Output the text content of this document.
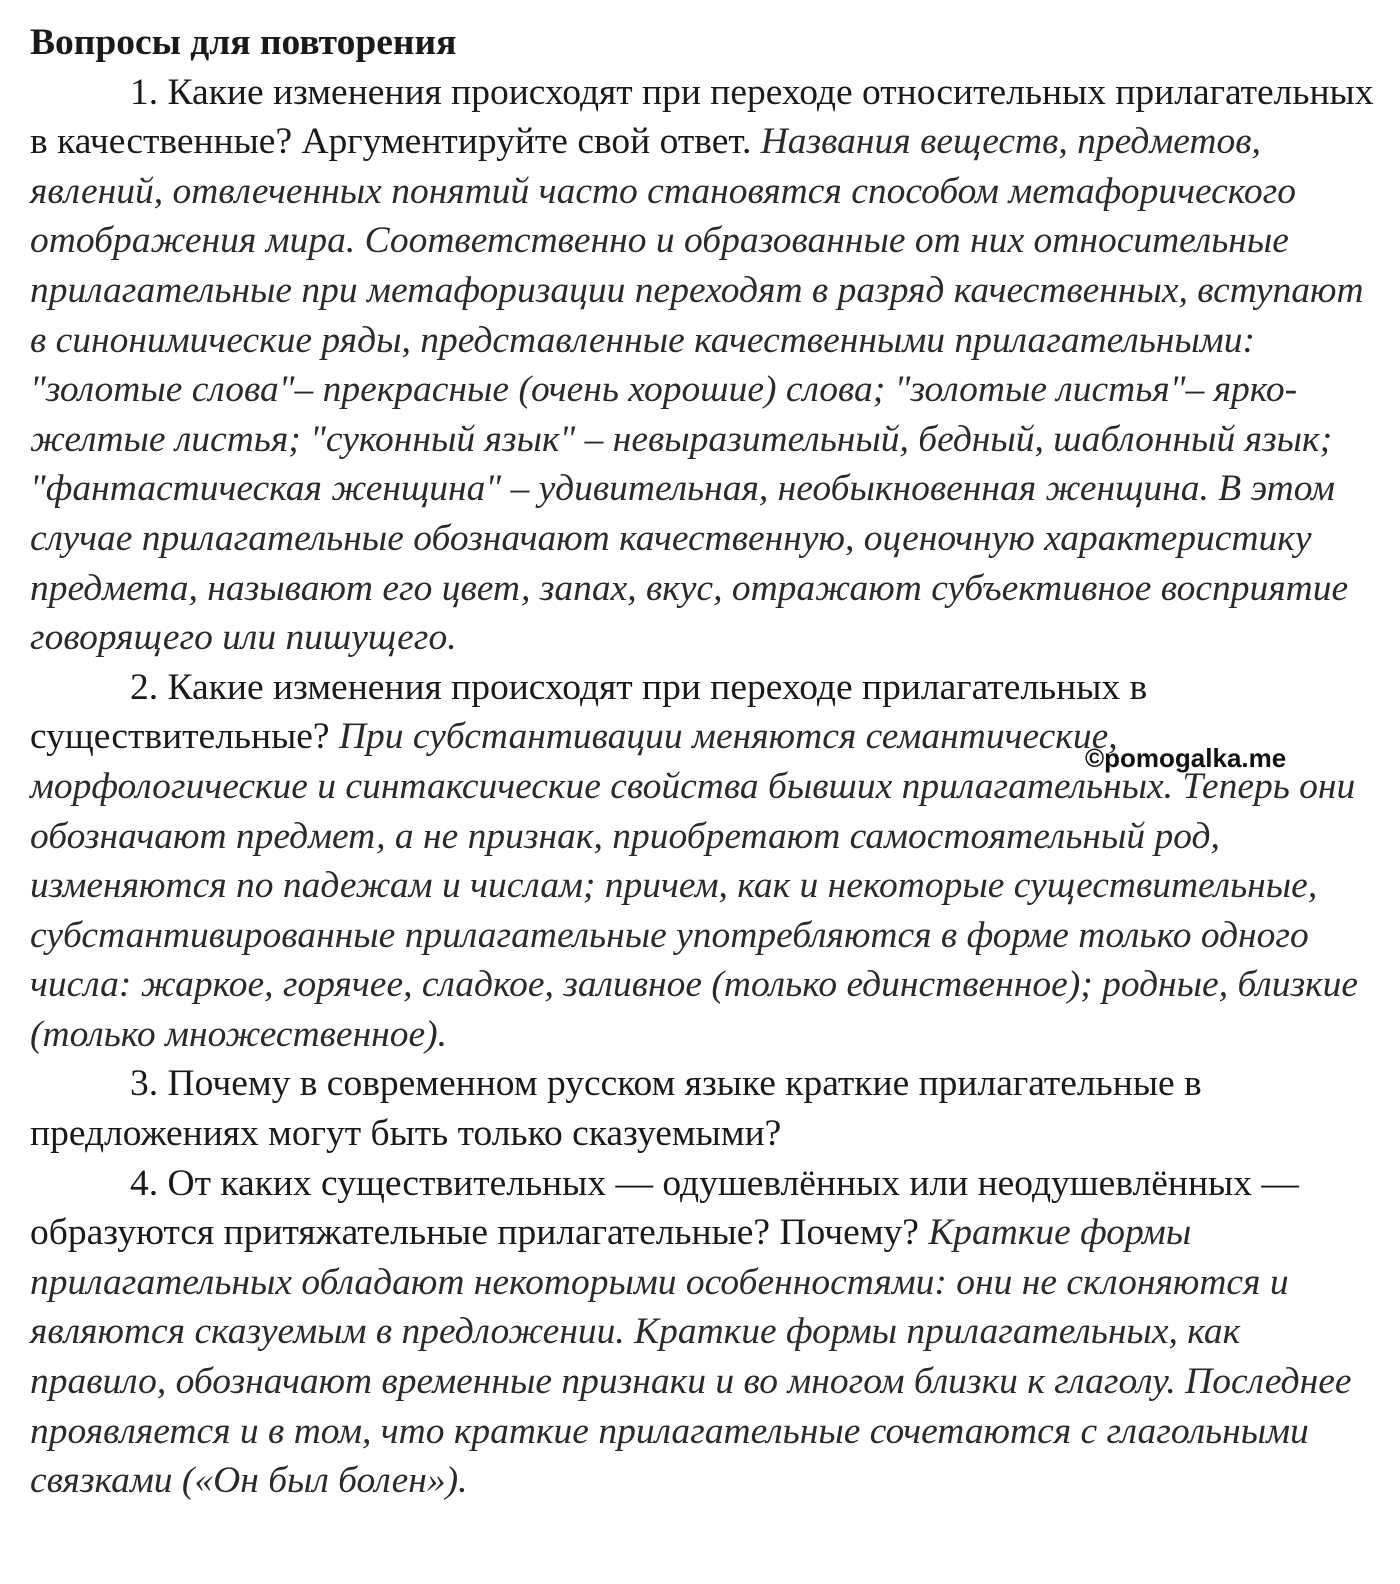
Вопросы для повторения

1. Какие изменения происходят при переходе относительных прилагательных в качественные? Аргументируйте свой ответ. Названия веществ, предметов, явлений, отвлеченных понятий часто становятся способом метафорического отображения мира. Соответственно и образованные от них относительные прилагательные при метафоризации переходят в разряд качественных, вступают в синонимические ряды, представленные качественными прилагательными: "золотые слова"– прекрасные (очень хорошие) слова; "золотые листья"– ярко-желтые листья; "суконный язык" – невыразительный, бедный, шаблонный язык; "фантастическая женщина" – удивительная, необыкновенная женщина. В этом случае прилагательные обозначают качественную, оценочную характеристику предмета, называют его цвет, запах, вкус, отражают субъективное восприятие говорящего или пишущего.

2. Какие изменения происходят при переходе прилагательных в существительные? При субстантивации меняются семантические, морфологические и синтаксические свойства бывших прилагательных. Теперь они обозначают предмет, а не признак, приобретают самостоятельный род, изменяются по падежам и числам; причем, как и некоторые существительные, субстантивированные прилагательные употребляются в форме только одного числа: жаркое, горячее, сладкое, заливное (только единственное); родные, близкие (только множественное).

3. Почему в современном русском языке краткие прилагательные в предложениях могут быть только сказуемыми?

4. От каких существительных — одушевлённых или неодушевлённых — образуются притяжательные прилагательные? Почему? Краткие формы прилагательных обладают некоторыми особенностями: они не склоняются и являются сказуемым в предложении. Краткие формы прилагательных, как правило, обозначают временные признаки и во многом близки к глаголу. Последнее проявляется и в том, что краткие прилагательные сочетаются с глагольными связками («Он был болен»).

©pomogalka.me
